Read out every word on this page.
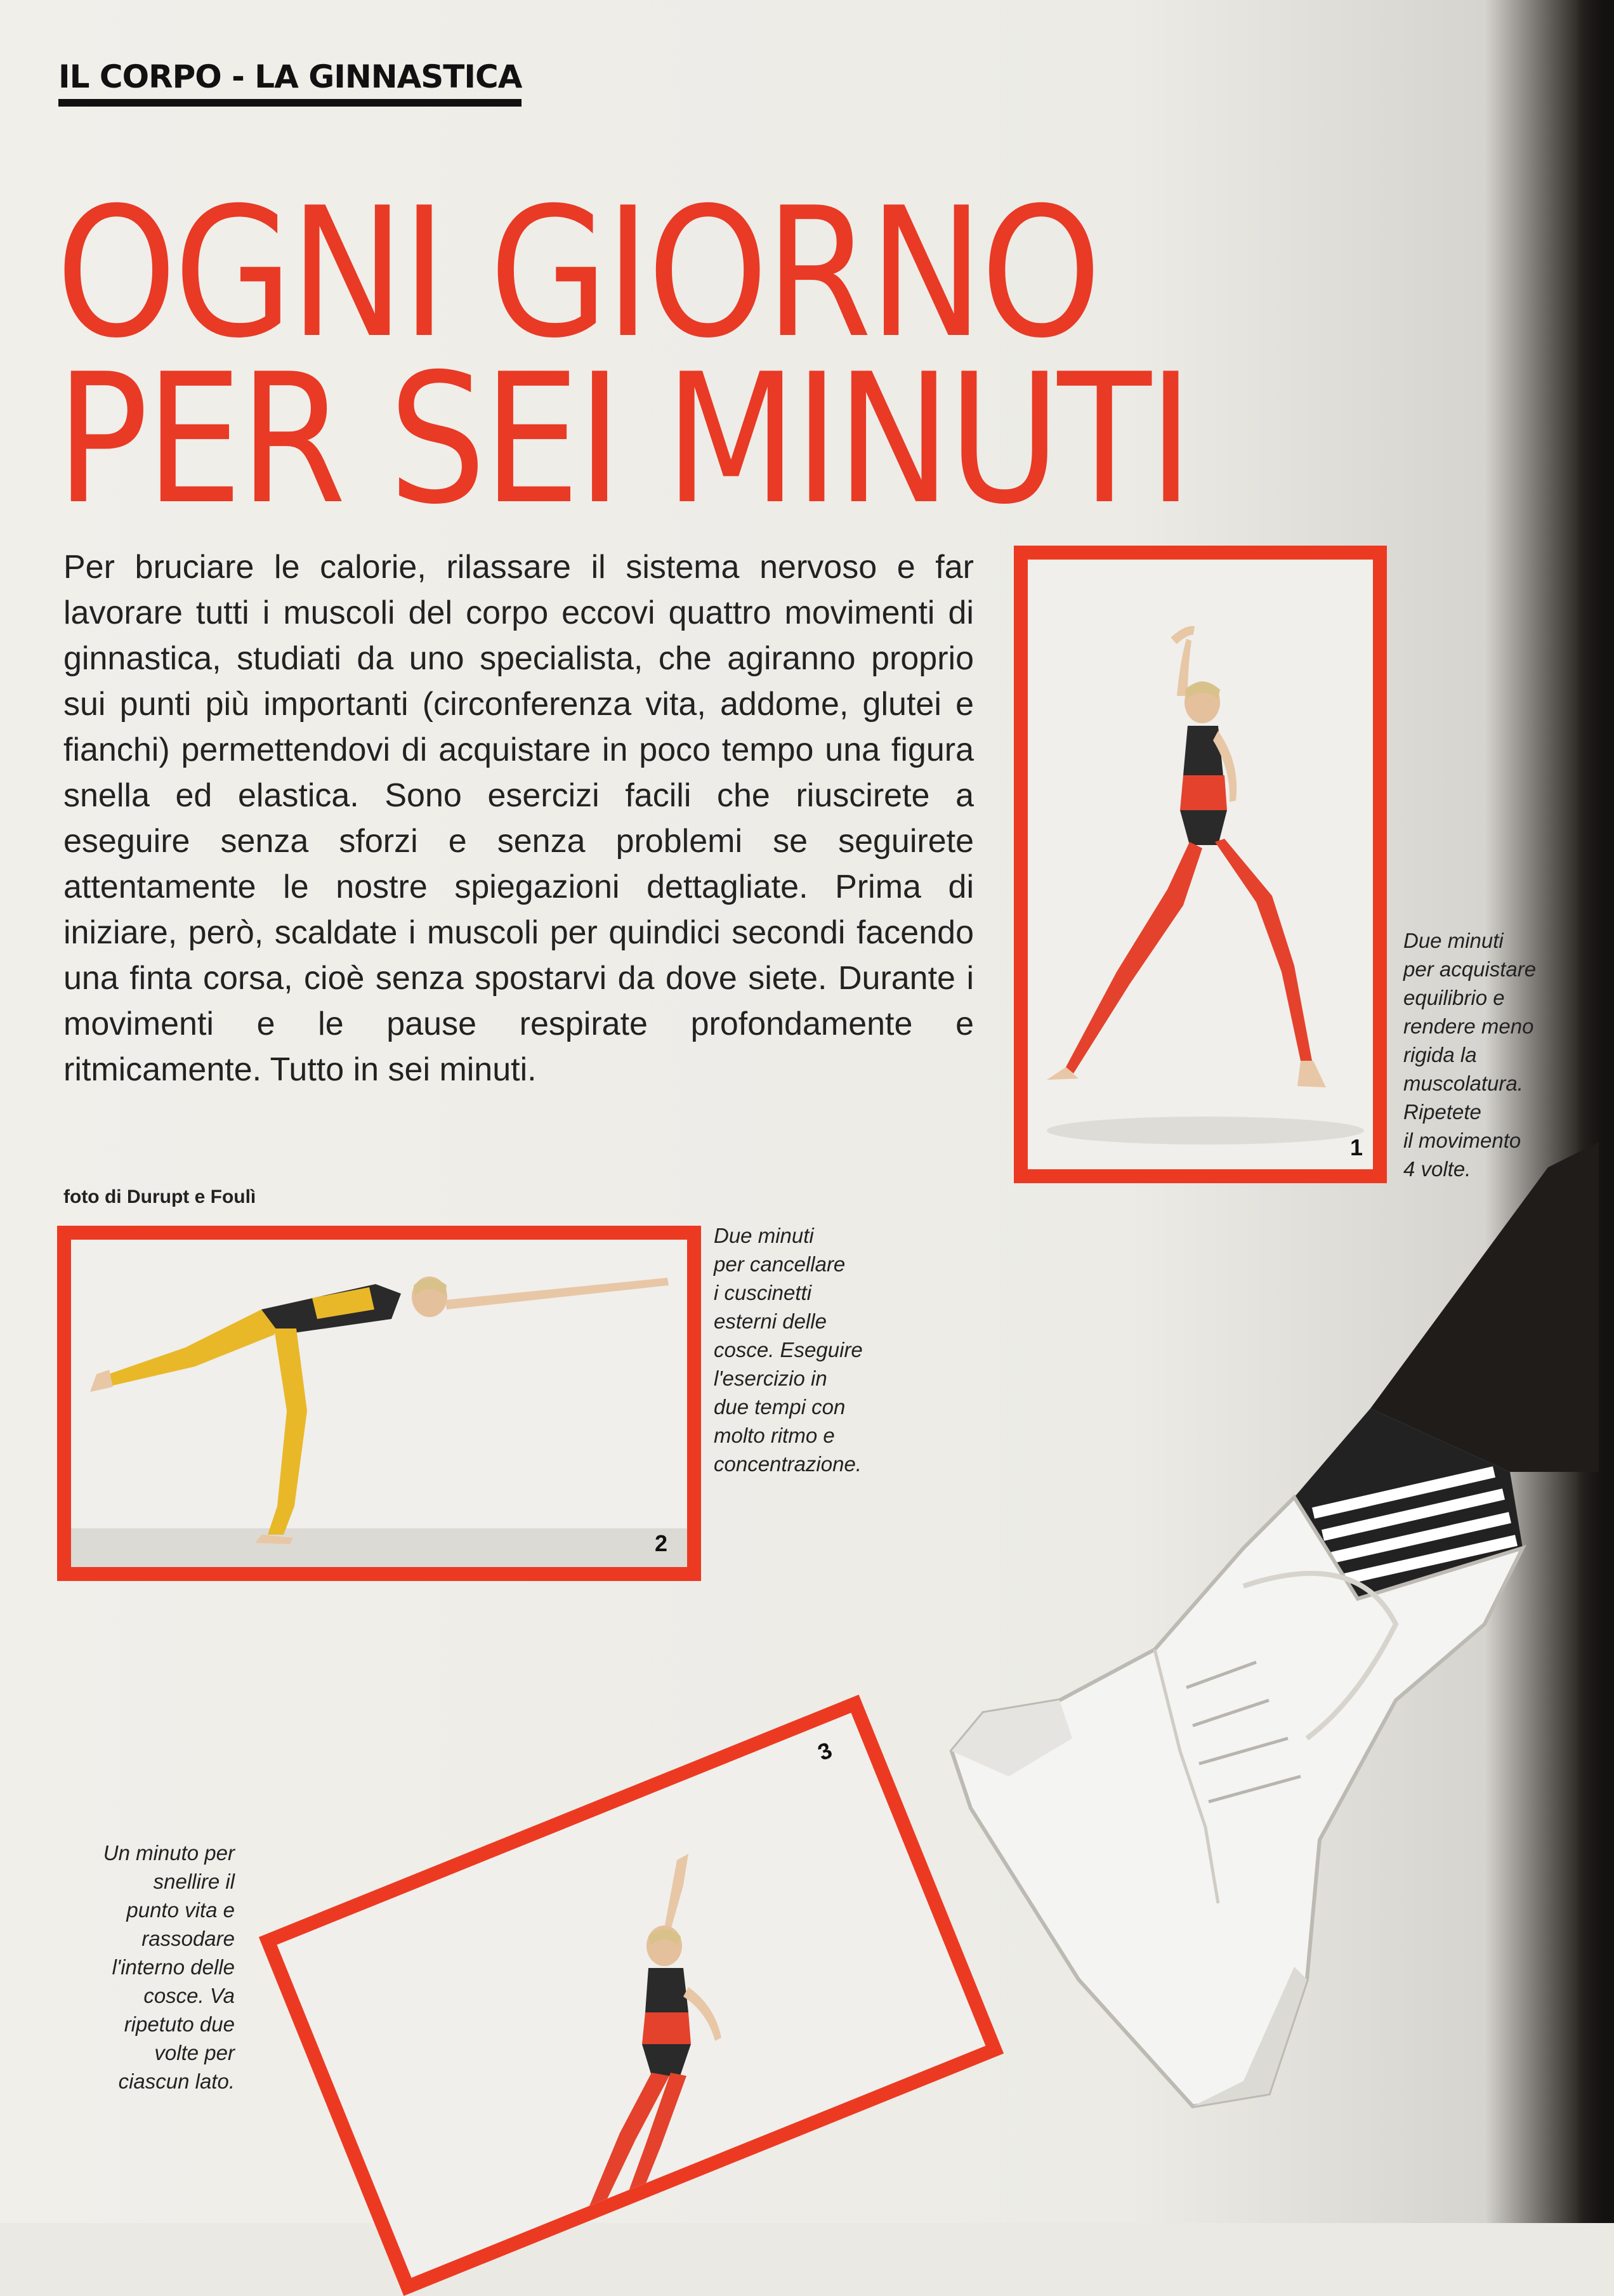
IL CORPO - LA GINNASTICA
OGNI GIORNO
PER SEI MINUTI

Per bruciare le calorie, rilassare il sistema nervoso e far lavorare tutti i muscoli del corpo eccovi quattro movimenti di ginnastica, studiati da uno specialista, che agiranno proprio sui punti più importanti (circonferenza vita, addome, glutei e fianchi) permettendovi di acquistare in poco tempo una figura snella ed elastica. Sono esercizi facili che riuscirete a eseguire senza sforzi e senza problemi se seguirete attentamente le nostre spiegazioni dettagliate. Prima di iniziare, però, scaldate i muscoli per quindici secondi facendo una finta corsa, cioè senza spostarvi da dove siete. Durante i movimenti e le pause respirate profondamente e ritmicamente. Tutto in sei minuti.

foto di Durupt e Foulì
1

Due minuti
per acquistare
equilibrio e
rendere meno
rigida la
muscolatura.
Ripetete
il movimento
4 volte.

2

Due minuti
per cancellare
i cuscinetti
esterni delle
cosce. Eseguire
l'esercizio in
due tempi con
molto ritmo e
concentrazione.

3

Un minuto per
snellire il
punto vita e
rassodare
l'interno delle
cosce. Va
ripetuto due
volte per
ciascun lato.
